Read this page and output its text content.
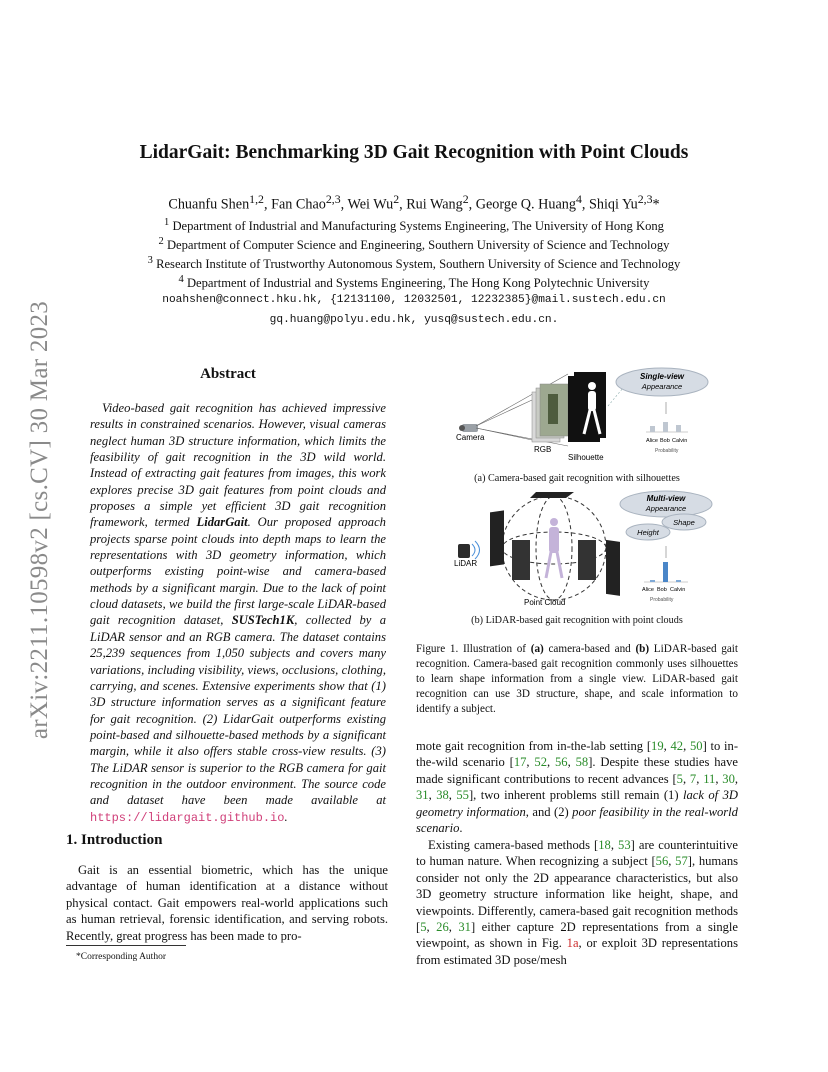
arXiv:2211.10598v2 [cs.CV] 30 Mar 2023
LidarGait: Benchmarking 3D Gait Recognition with Point Clouds
Chuanfu Shen$^{1,2}$, Fan Chao$^{2,3}$, Wei Wu$^2$, Rui Wang$^2$, George Q. Huang$^4$, Shiqi Yu$^{2,3}$*
$^1$ Department of Industrial and Manufacturing Systems Engineering, The University of Hong Kong
$^2$ Department of Computer Science and Engineering, Southern University of Science and Technology
$^3$ Research Institute of Trustworthy Autonomous System, Southern University of Science and Technology
$^4$ Department of Industrial and Systems Engineering, The Hong Kong Polytechnic University
noahshen@connect.hku.hk, {12131100, 12032501, 12232385}@mail.sustech.edu.cn
gq.huang@polyu.edu.hk, yusq@sustech.edu.cn.
Abstract
Video-based gait recognition has achieved impressive results in constrained scenarios. However, visual cameras neglect human 3D structure information, which limits the feasibility of gait recognition in the 3D wild world. Instead of extracting gait features from images, this work explores precise 3D gait features from point clouds and proposes a simple yet efficient 3D gait recognition framework, termed LidarGait. Our proposed approach projects sparse point clouds into depth maps to learn the representations with 3D geometry information, which outperforms existing point-wise and camera-based methods by a significant margin. Due to the lack of point cloud datasets, we build the first large-scale LiDAR-based gait recognition dataset, SUSTech1K, collected by a LiDAR sensor and an RGB camera. The dataset contains 25,239 sequences from 1,050 subjects and covers many variations, including visibility, views, occlusions, clothing, carrying, and scenes. Extensive experiments show that (1) 3D structure information serves as a significant feature for gait recognition. (2) LidarGait outperforms existing point-based and silhouette-based methods by a significant margin, while it also offers stable cross-view results. (3) The LiDAR sensor is superior to the RGB camera for gait recognition in the outdoor environment. The source code and dataset have been made available at https://lidargait.github.io.
1. Introduction
Gait is an essential biometric, which has the unique advantage of human identification at a distance without physical contact. Gait empowers real-world applications such as human retrieval, forensic identification, and serving robots. Recently, great progress has been made to pro-
*Corresponding Author
Camera
RGB
Silhouette
Single-view
Appearance
Alice Bob Calvin
Probability
(a) Camera-based gait recognition with silhouettes
LiDAR
Point Cloud
Multi-view
Appearance
Shape
Height
Alice Bob Calvin
Probability
(b) LiDAR-based gait recognition with point clouds
Figure 1. Illustration of (a) camera-based and (b) LiDAR-based gait recognition. Camera-based gait recognition commonly uses silhouettes to learn shape information from a single view. LiDAR-based gait recognition can use 3D structure, shape, and scale information to identify a subject.
mote gait recognition from in-the-lab setting [19, 42, 50] to in-the-wild scenario [17, 52, 56, 58]. Despite these studies have made significant contributions to recent advances [5, 7, 11, 30, 31, 38, 55], two inherent problems still remain (1) lack of 3D geometry information, and (2) poor feasibility in the real-world scenario.
Existing camera-based methods [18, 53] are counterintuitive to human nature. When recognizing a subject [56, 57], humans consider not only the 2D appearance characteristics, but also 3D geometry structure information like height, shape, and viewpoints. Differently, camera-based gait recognition methods [5, 26, 31] either capture 2D representations from a single viewpoint, as shown in Fig. 1a, or exploit 3D representations from estimated 3D pose/mesh
